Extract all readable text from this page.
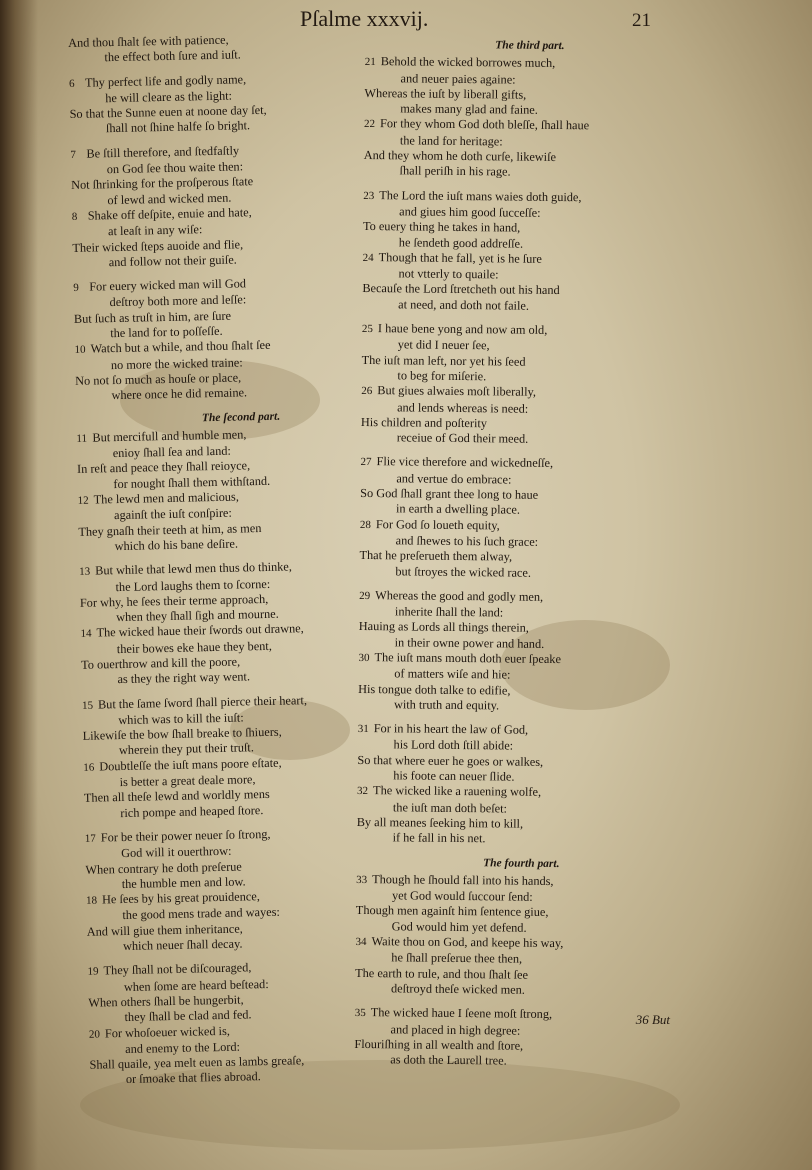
Pſalme xxxvij.	21
And thou ſhalt ſee with patience,
the effect both ſure and iuſt.
6 Thy perfect life and godly name,
he will cleare as the light:
So that the Sunne euen at noone day ſet,
ſhall not ſhine halfe ſo bright.
7 Be ſtill therefore, and ſtedfaſtly
on God ſee thou waite then:
Not ſhrinking for the proſperous ſtate
of lewd and wicked men.
8 Shake off deſpite, enuie and hate,
at leaſt in any wiſe:
Their wicked ſteps auoide and flie,
and follow not their guiſe.
9 For euery wicked man will God
deſtroy both more and leſſe:
But ſuch as truſt in him, are ſure
the land for to poſſeſſe.
10 Watch but a while, and thou ſhalt ſee
no more the wicked traine:
No not ſo much as houſe or place,
where once he did remaine.
The ſecond part.
11 But mercifull and humble men,
enioy ſhall ſea and land:
In reſt and peace they ſhall reioyce,
for nought ſhall them withſtand.
12 The lewd men and malicious,
againſt the iuſt conſpire:
They gnaſh their teeth at him, as men
which do his bane deſire.
13 But while that lewd men thus do thinke,
the Lord laughs them to ſcorne:
For why, he ſees their terme approach,
when they ſhall ſigh and mourne.
14 The wicked haue their ſwords out drawne,
their bowes eke haue they bent,
To ouerthrow and kill the poore,
as they the right way went.
15 But the ſame ſword ſhall pierce their heart,
which was to kill the iuſt:
Likewiſe the bow ſhall breake to ſhiuers,
wherein they put their truſt.
16 Doubtleſſe the iuſt mans poore eſtate,
is better a great deale more,
Then all theſe lewd and worldly mens
rich pompe and heaped ſtore.
17 For be their power neuer ſo ſtrong,
God will it ouerthrow:
When contrary he doth preſerue
the humble men and low.
18 He ſees by his great prouidence,
the good mens trade and wayes:
And will giue them inheritance,
which neuer ſhall decay.
19 They ſhall not be diſcouraged,
when ſome are heard beſtead:
When others ſhall be hungerbit,
they ſhall be clad and fed.
20 For whoſoeuer wicked is,
and enemy to the Lord:
Shall quaile, yea melt euen as lambs greaſe,
or ſmoake that flies abroad.
The third part.
21 Behold the wicked borrowes much,
and neuer paies againe:
Whereas the iuſt by liberall gifts,
makes many glad and faine.
22 For they whom God doth bleſſe, ſhall haue
the land for heritage:
And they whom he doth curſe, likewiſe
ſhall periſh in his rage.
23 The Lord the iuſt mans waies doth guide,
and giues him good ſucceſſe:
To euery thing he takes in hand,
he ſendeth good addreſſe.
24 Though that he fall, yet is he ſure
not vtterly to quaile:
Becauſe the Lord ſtretcheth out his hand
at need, and doth not faile.
25 I haue bene yong and now am old,
yet did I neuer ſee,
The iuſt man left, nor yet his ſeed
to beg for miſerie.
26 But giues alwaies moſt liberally,
and lends whereas is need:
His children and poſterity
receiue of God their meed.
27 Flie vice therefore and wickedneſſe,
and vertue do embrace:
So God ſhall grant thee long to haue
in earth a dwelling place.
28 For God ſo loueth equity,
and ſhewes to his ſuch grace:
That he preſerueth them alway,
but ſtroyes the wicked race.
29 Whereas the good and godly men,
inherite ſhall the land:
Hauing as Lords all things therein,
in their owne power and hand.
30 The iuſt mans mouth doth euer ſpeake
of matters wiſe and hie:
His tongue doth talke to edifie,
with truth and equity.
31 For in his heart the law of God,
his Lord doth ſtill abide:
So that where euer he goes or walkes,
his foote can neuer ſlide.
32 The wicked like a rauening wolfe,
the iuſt man doth beſet:
By all meanes ſeeking him to kill,
if he fall in his net.
The fourth part.
33 Though he ſhould fall into his hands,
yet God would ſuccour ſend:
Though men againſt him ſentence giue,
God would him yet defend.
34 Waite thou on God, and keepe his way,
he ſhall preſerue thee then,
The earth to rule, and thou ſhalt ſee
deſtroyd theſe wicked men.
35 The wicked haue I ſeene moſt ſtrong,
and placed in high degree:
Flouriſhing in all wealth and ſtore,
as doth the Laurell tree.
36 But
